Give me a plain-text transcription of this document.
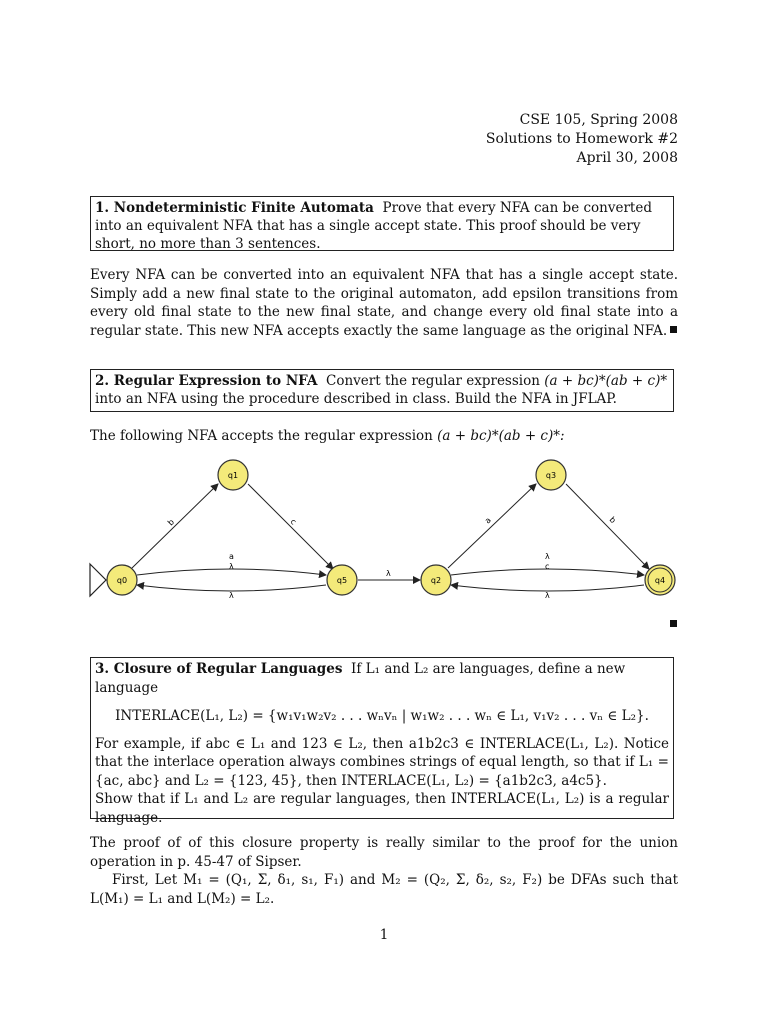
CSE 105, Spring 2008
Solutions to Homework #2
April 30, 2008
1. Nondeterministic Finite Automata Prove that every NFA can be converted into an equivalent NFA that has a single accept state. This proof should be very short, no more than 3 sentences.
Every NFA can be converted into an equivalent NFA that has a single accept state. Simply add a new final state to the original automaton, add epsilon transitions from every old final state to the new final state, and change every old final state into a regular state. This new NFA accepts exactly the same language as the original NFA.
2. Regular Expression to NFA Convert the regular expression (a + bc)*(ab + c)* into an NFA using the procedure described in class. Build the NFA in JFLAP.
The following NFA accepts the regular expression (a + bc)*(ab + c)*:
b	c
a
λ
λ
λ
a	b
λ
c
λ
q0
q1
q5	q2
q3
q4
3. Closure of Regular Languages If L₁ and L₂ are languages, define a new language
INTERLACE(L₁, L₂) = {w₁v₁w₂v₂ . . . wₙvₙ | w₁w₂ . . . wₙ ∈ L₁, v₁v₂ . . . vₙ ∈ L₂}.
For example, if abc ∈ L₁ and 123 ∈ L₂, then a1b2c3 ∈ INTERLACE(L₁, L₂). Notice that the interlace operation always combines strings of equal length, so that if L₁ = {ac, abc} and L₂ = {123, 45}, then INTERLACE(L₁, L₂) = {a1b2c3, a4c5}.
Show that if L₁ and L₂ are regular languages, then INTERLACE(L₁, L₂) is a regular language.
The proof of of this closure property is really similar to the proof for the union operation in p. 45-47 of Sipser.
First, Let M₁ = (Q₁, Σ, δ₁, s₁, F₁) and M₂ = (Q₂, Σ, δ₂, s₂, F₂) be DFAs such that L(M₁) = L₁ and L(M₂) = L₂.
1
